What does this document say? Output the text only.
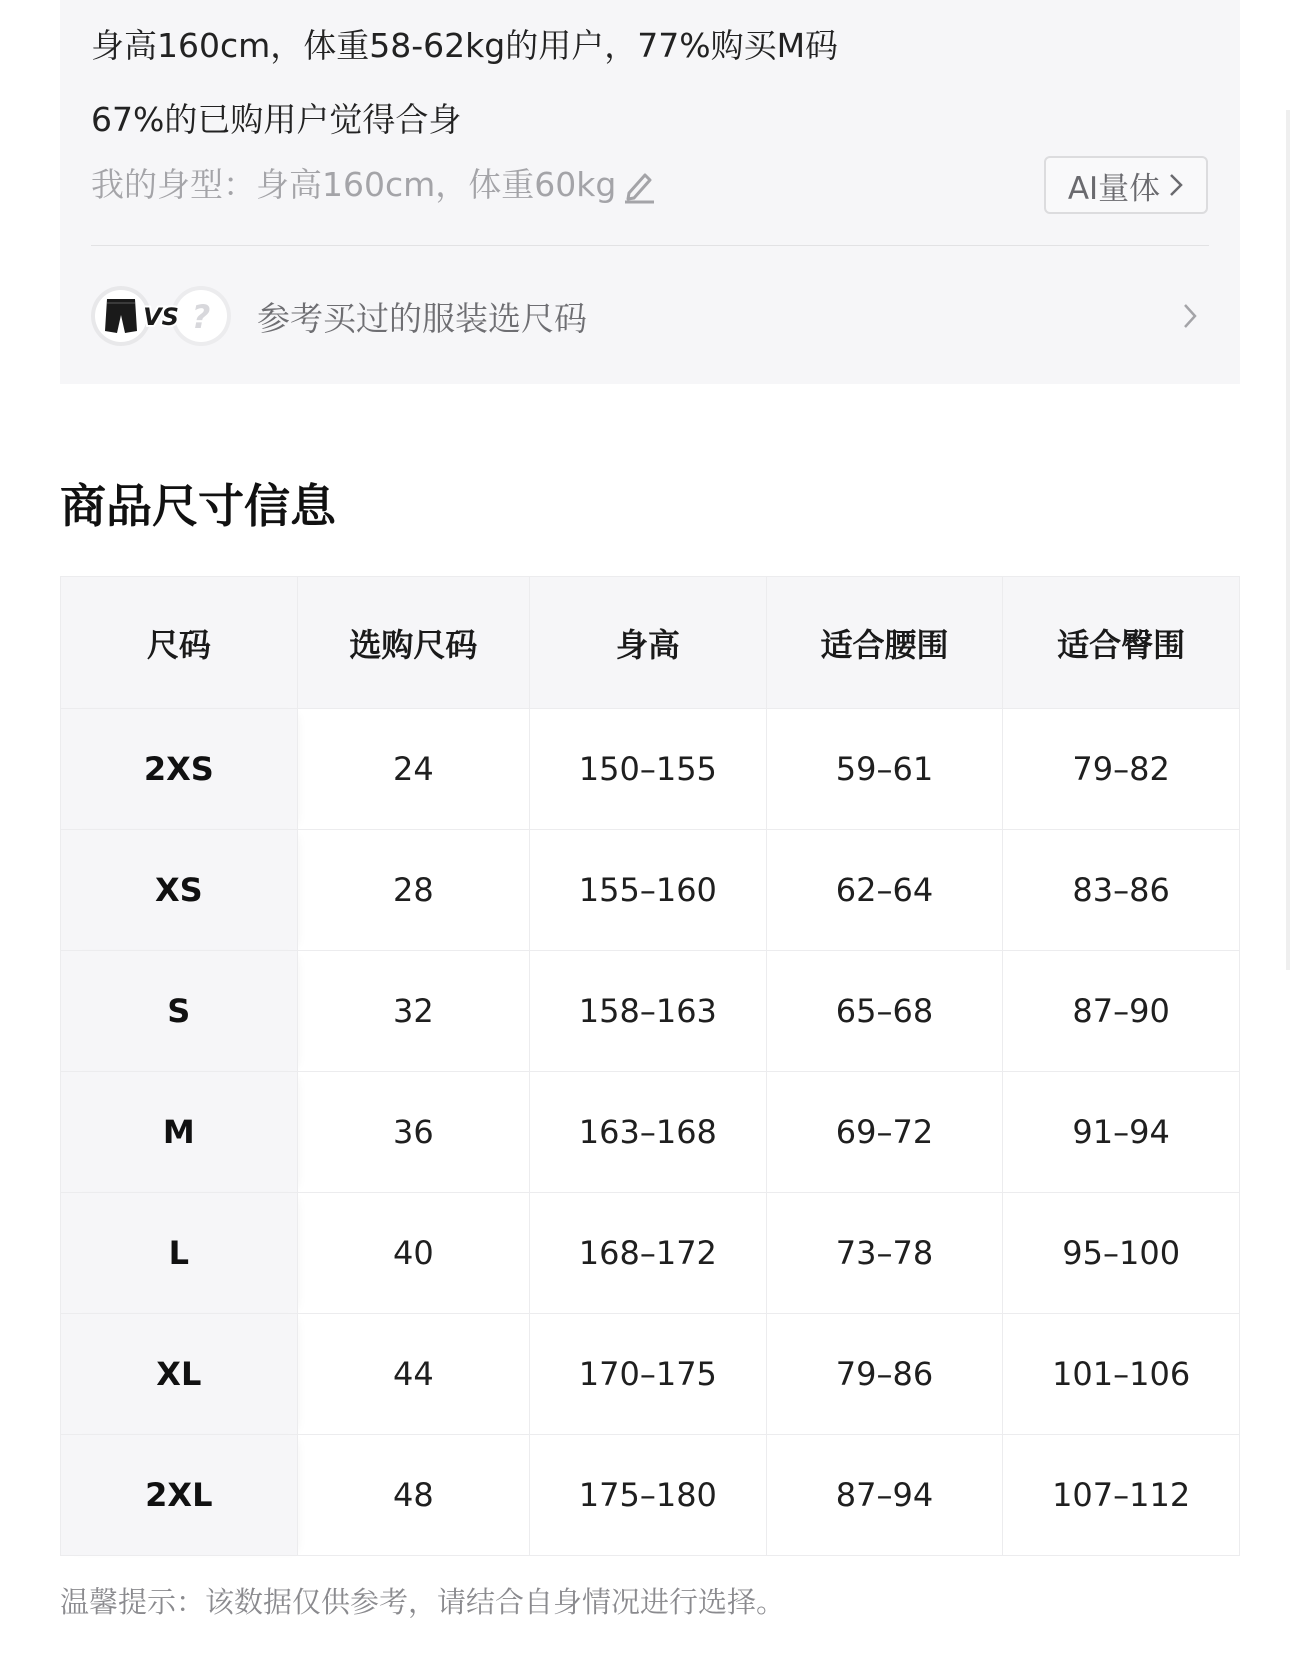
身高160cm，体重58-62kg的用户，77%购买M码
67%的已购用户觉得合身
我的身型：身高160cm，体重60kg	AI量体
?
VS 参考买过的服装选尺码
商品尺寸信息
尺码	选购尺码	身高	适合腰围	适合臀围
2XS	24	150–155	59–61	79–82
XS	28	155–160	62–64	83–86
S	32	158–163	65–68	87–90
M	36	163–168	69–72	91–94
L	40	168–172	73–78	95–100
XL	44	170–175	79–86	101–106
2XL	48	175–180	87–94	107–112
温馨提示：该数据仅供参考，请结合自身情况进行选择。
